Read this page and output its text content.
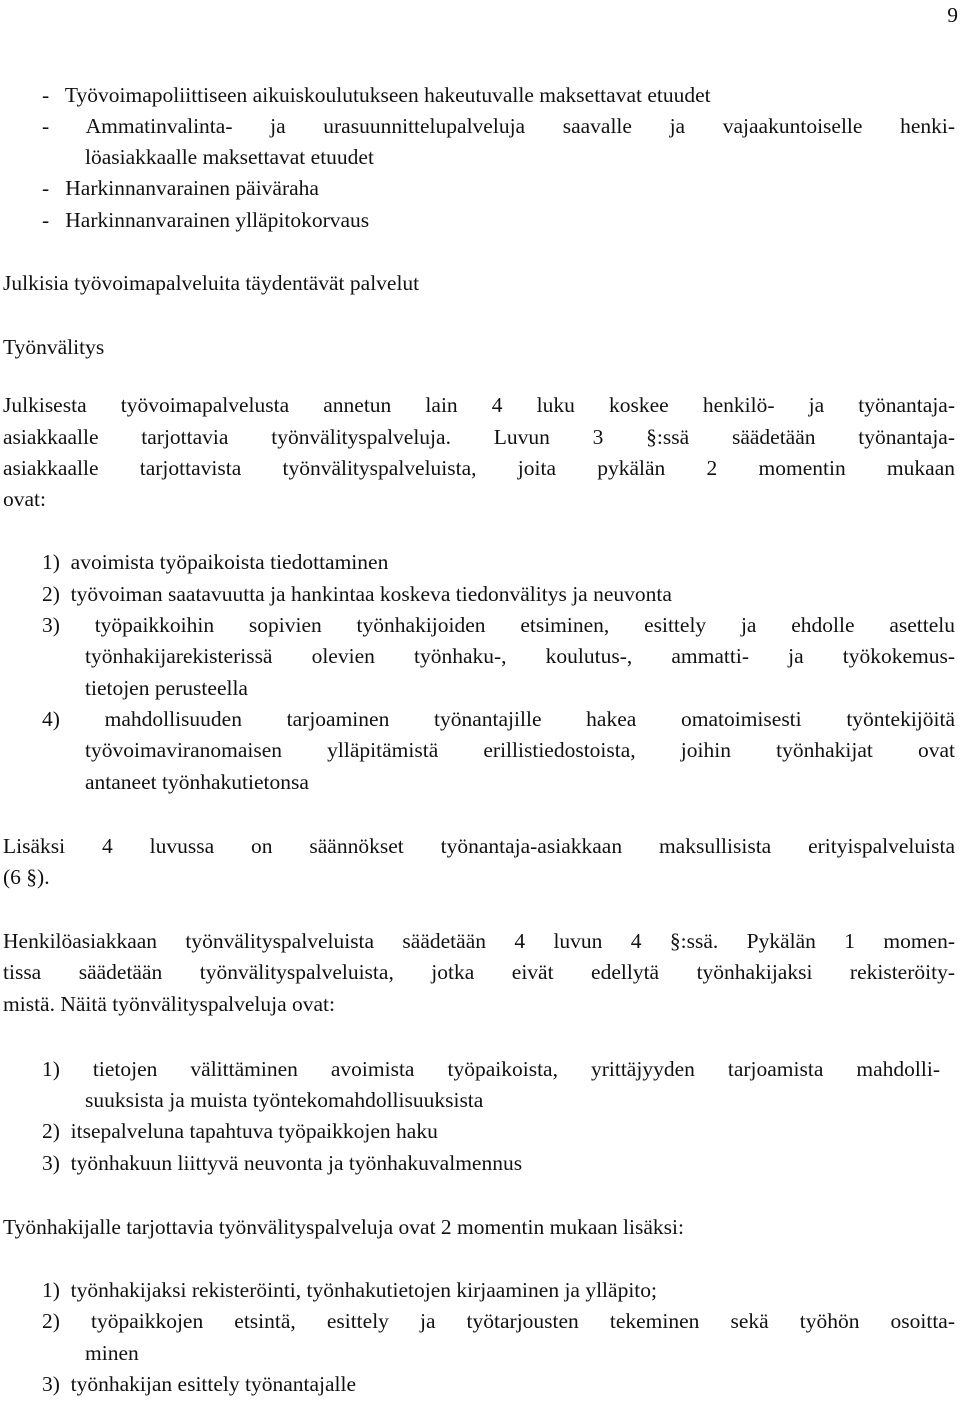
9
-   Työvoimapoliittiseen aikuiskoulutukseen hakeutuvalle maksettavat etuudet
- Ammatinvalinta- ja urasuunnittelupalveluja saavalle ja vajaakuntoiselle henki-
löasiakkaalle maksettavat etuudet
-   Harkinnanvarainen päiväraha
-   Harkinnanvarainen ylläpitokorvaus
Julkisia työvoimapalveluita täydentävät palvelut
Työnvälitys
Julkisesta työvoimapalvelusta annetun lain 4 luku koskee henkilö- ja työnantaja-
asiakkaalle tarjottavia työnvälityspalveluja. Luvun 3 §:ssä säädetään työnantaja-
asiakkaalle tarjottavista työnvälityspalveluista, joita pykälän 2 momentin mukaan
ovat:
1)  avoimista työpaikoista tiedottaminen
2)  työvoiman saatavuutta ja hankintaa koskeva tiedonvälitys ja neuvonta
3) työpaikkoihin sopivien työnhakijoiden etsiminen, esittely ja ehdolle asettelu
työnhakijarekisterissä olevien työnhaku-, koulutus-, ammatti- ja työkokemus-
tietojen perusteella
4) mahdollisuuden tarjoaminen työnantajille hakea omatoimisesti työntekijöitä
työvoimaviranomaisen ylläpitämistä erillistiedostoista, joihin työnhakijat ovat
antaneet työnhakutietonsa
Lisäksi 4 luvussa on säännökset työnantaja-asiakkaan maksullisista erityispalveluista
(6 §).
Henkilöasiakkaan työnvälityspalveluista säädetään 4 luvun 4 §:ssä. Pykälän 1 momen-
tissa säädetään työnvälityspalveluista, jotka eivät edellytä työnhakijaksi rekisteröity-
mistä. Näitä työnvälityspalveluja ovat:
1) tietojen välittäminen avoimista työpaikoista, yrittäjyyden tarjoamista mahdolli-
suuksista ja muista työntekomahdollisuuksista
2)  itsepalveluna tapahtuva työpaikkojen haku
3)  työnhakuun liittyvä neuvonta ja työnhakuvalmennus
Työnhakijalle tarjottavia työnvälityspalveluja ovat 2 momentin mukaan lisäksi:
1)  työnhakijaksi rekisteröinti, työnhakutietojen kirjaaminen ja ylläpito;
2) työpaikkojen etsintä, esittely ja työtarjousten tekeminen sekä työhön osoitta-
minen
3)  työnhakijan esittely työnantajalle
